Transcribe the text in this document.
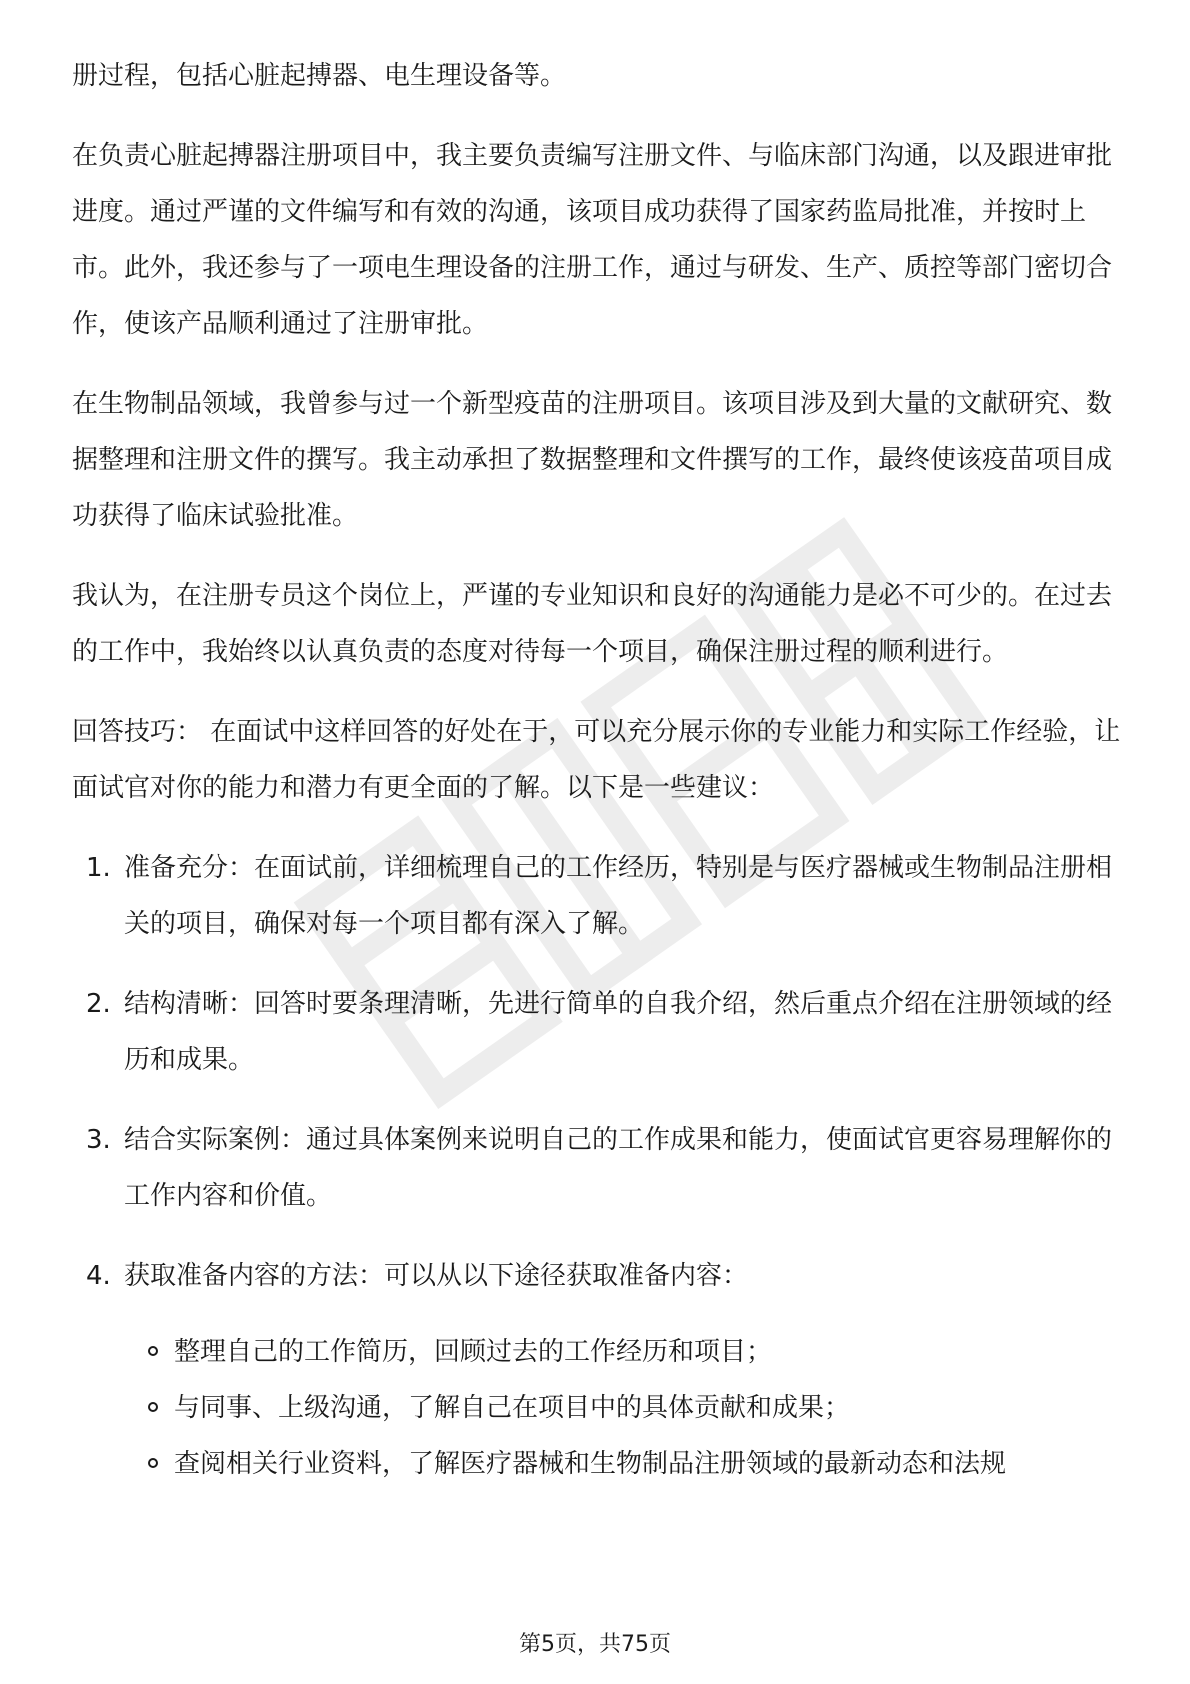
册过程，包括心脏起搏器、电生理设备等。

在负责心脏起搏器注册项目中，我主要负责编写注册文件、与临床部门沟通，以及跟进审批进度。通过严谨的文件编写和有效的沟通，该项目成功获得了国家药监局批准，并按时上市。此外，我还参与了一项电生理设备的注册工作，通过与研发、生产、质控等部门密切合作，使该产品顺利通过了注册审批。

在生物制品领域，我曾参与过一个新型疫苗的注册项目。该项目涉及到大量的文献研究、数据整理和注册文件的撰写。我主动承担了数据整理和文件撰写的工作，最终使该疫苗项目成功获得了临床试验批准。

我认为，在注册专员这个岗位上，严谨的专业知识和良好的沟通能力是必不可少的。在过去的工作中，我始终以认真负责的态度对待每一个项目，确保注册过程的顺利进行。

回答技巧： 在面试中这样回答的好处在于，可以充分展示你的专业能力和实际工作经验，让面试官对你的能力和潜力有更全面的了解。以下是一些建议：

1. 准备充分：在面试前，详细梳理自己的工作经历，特别是与医疗器械或生物制品注册相关的项目，确保对每一个项目都有深入了解。
2. 结构清晰：回答时要条理清晰，先进行简单的自我介绍，然后重点介绍在注册领域的经历和成果。
3. 结合实际案例：通过具体案例来说明自己的工作成果和能力，使面试官更容易理解你的工作内容和价值。
4. 获取准备内容的方法：可以从以下途径获取准备内容：
整理自己的工作简历，回顾过去的工作经历和项目；
与同事、上级沟通，了解自己在项目中的具体贡献和成果；
查阅相关行业资料，了解医疗器械和生物制品注册领域的最新动态和法规
第5页，共75页
